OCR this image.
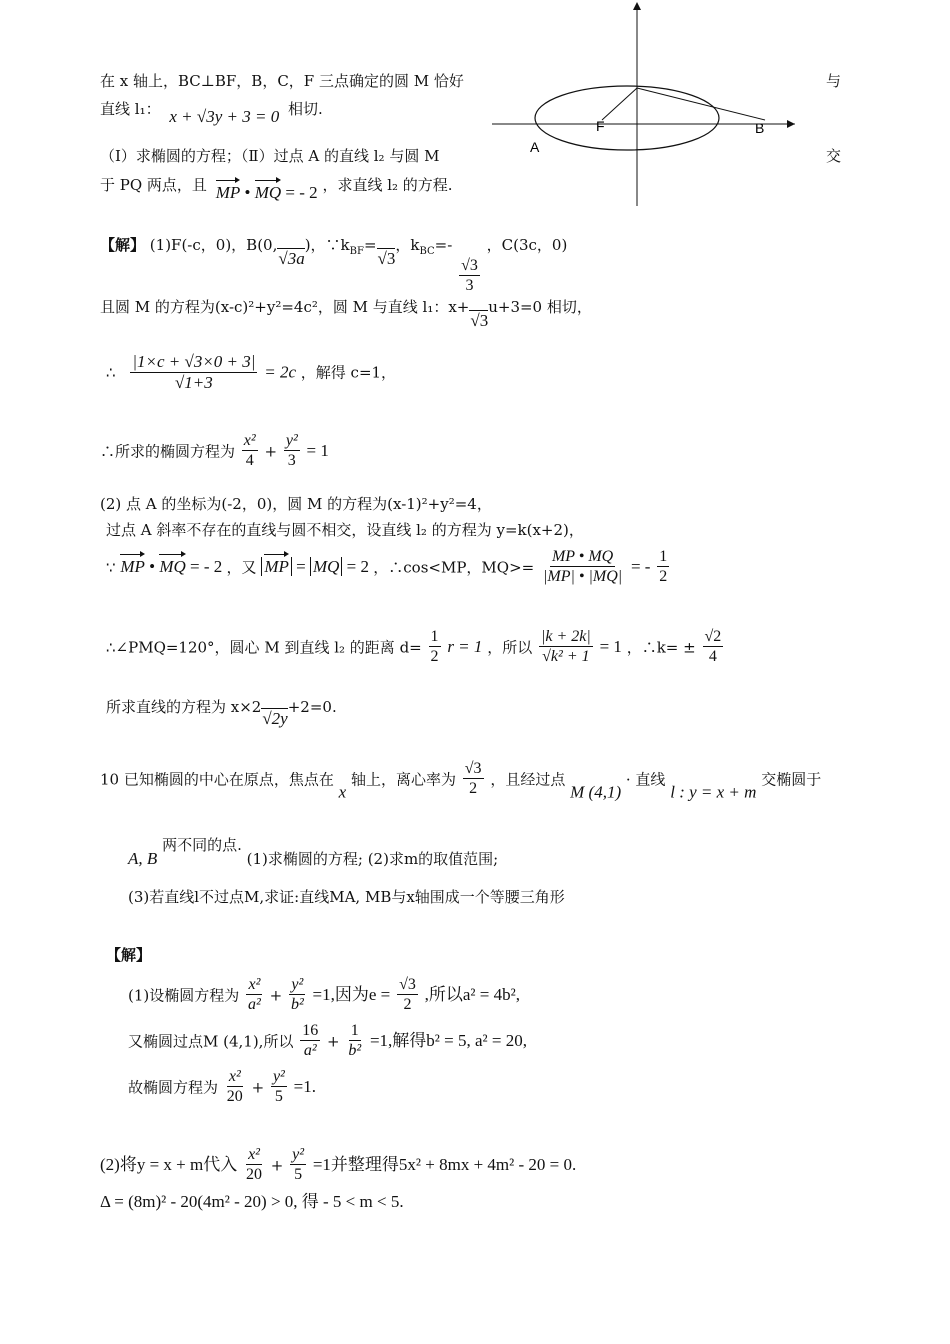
在 x 轴上，BC⊥BF，B，C，F 三点确定的圆 M 恰好	与
直线 l₁： x + √3y + 3 = 0 相切.
（Ⅰ）求椭圆的方程；（Ⅱ）过点 A 的直线 l₂ 与圆 M	交
于 PQ 两点，且 MP • MQ = - 2 ，求直线 l₂ 的方程.
F	B
A
【解】 (1)F(-c，0)，B(0,√3a)，$\because k_{BF}=√3$，$k_{BC}=-$
$\frac{√3}{3}$
，C(3c，0)
且圆 M 的方程为(x-c)²+y²=4c²，圆 M 与直线 l₁：x+√3u+3=0 相切，
∴ $\frac{|1\times c + √3\times 0 + 3|}{√1+3} = 2c$ ，解得 c=1，
∴所求的椭圆方程为 $\frac{\text{x²}}{4} + \frac{\text{y²}}{3} = 1$
(2) 点 A 的坐标为(-2，0)，圆 M 的方程为(x-1)²+y²=4，
过点 A 斜率不存在的直线与圆不相交，设直线 l₂ 的方程为 y=k(x+2)，
∵ MP • MQ = - 2 ，又 MP = MQ = 2 ，∴cos<MP，$MQ>= \frac{MP • MQ}{|MP| • |MQ|}$ = - $\frac{1}{2}$
∴∠PMQ=120°，圆心 M 到直线 l₂ 的距离 $d= \frac{1}{2}$ r = 1 ，所以 $\frac{|k + 2k|}{\text{√k² + 1}} = 1$ ，∴k= ± $\frac{√2}{4}$
所求直线的方程为 x×2√2y+2=0.
10 已知椭圆的中心在原点，焦点在 x 轴上，离心率为 $\frac{√3}{2}$ ，且经过点 M (4,1) · 直线 l : y = x + m 交椭圆于
A, B 两不同的点. (1)求椭圆的方程; (2)求m的取值范围;
(3)若直线l不过点M,求证:直线MA, MB与x轴围成一个等腰三角形
【解】
(1)设椭圆方程为 $\frac{\text{x²}}{\text{a²}} + \frac{\text{y²}}{\text{b²}} =1$,因为$e = \frac{√3}{2}$ ,所以a² = 4b²,
又椭圆过点M (4,1),所以 $\frac{16}{\text{a²}} + \frac{1}{\text{b²}} =1$,解得b² = 5, a² = 20,
故椭圆方程为 $\frac{\text{x²}}{20} + \frac{\text{y²}}{5} =1$.
(2)将y = x + m代入 $\frac{\text{x²}}{20} + \frac{\text{y²}}{5} =1$并整理得5x² + 8mx + 4m² - 20 = 0.
Δ = (8m)² - 20(4m² - 20) > 0, 得 - 5 < m < 5.
